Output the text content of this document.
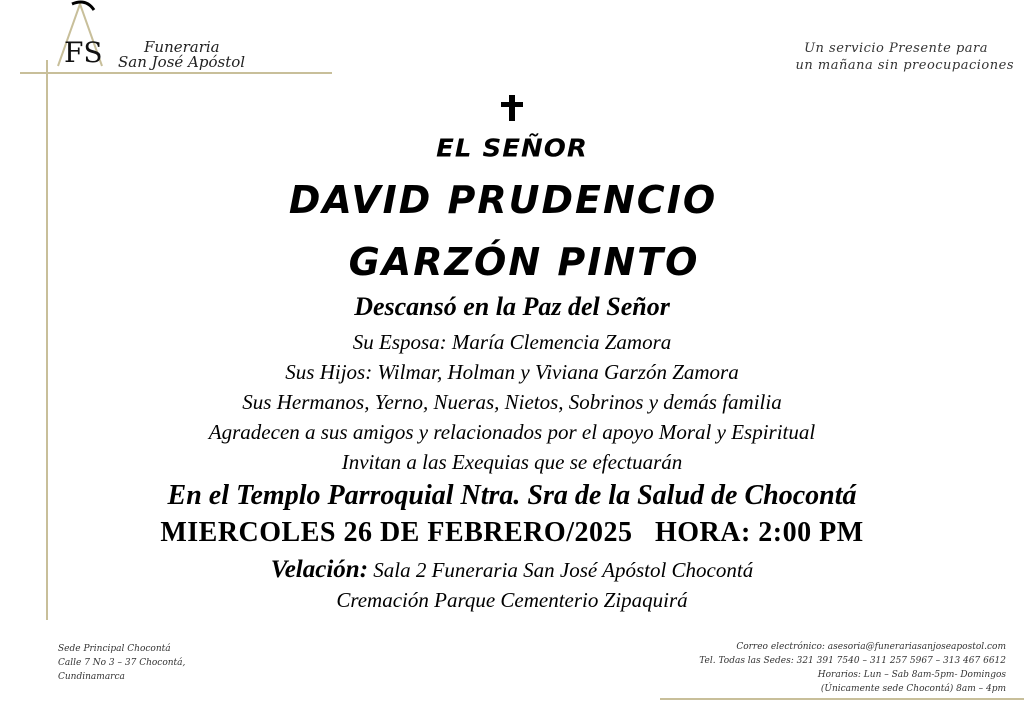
FS	Funeraria
San José Apóstol
Un servicio Presente para
un mañana sin preocupaciones
EL SEÑOR
DAVID PRUDENCIO
GARZÓN PINTO
Descansó en la Paz del Señor
Su Esposa: María Clemencia Zamora
Sus Hijos: Wilmar, Holman y Viviana Garzón Zamora
Sus Hermanos, Yerno, Nueras, Nietos, Sobrinos y demás familia
Agradecen a sus amigos y relacionados por el apoyo Moral y Espiritual
Invitan a las Exequias que se efectuarán
En el Templo Parroquial Ntra. Sra de la Salud de Chocontá
MIERCOLES 26 DE FEBRERO/2025   HORA: 2:00 PM
Velación: Sala 2 Funeraria San José Apóstol Chocontá
Cremación Parque Cementerio Zipaquirá
Sede Principal Chocontá
Calle 7 No 3 – 37 Chocontá,
Cundinamarca
Correo electrónico: asesoria@funerariasanjoseapostol.com
Tel. Todas las Sedes: 321 391 7540 – 311 257 5967 – 313 467 6612
Horarios: Lun – Sab 8am-5pm- Domingos
(Únicamente sede Chocontá) 8am – 4pm
